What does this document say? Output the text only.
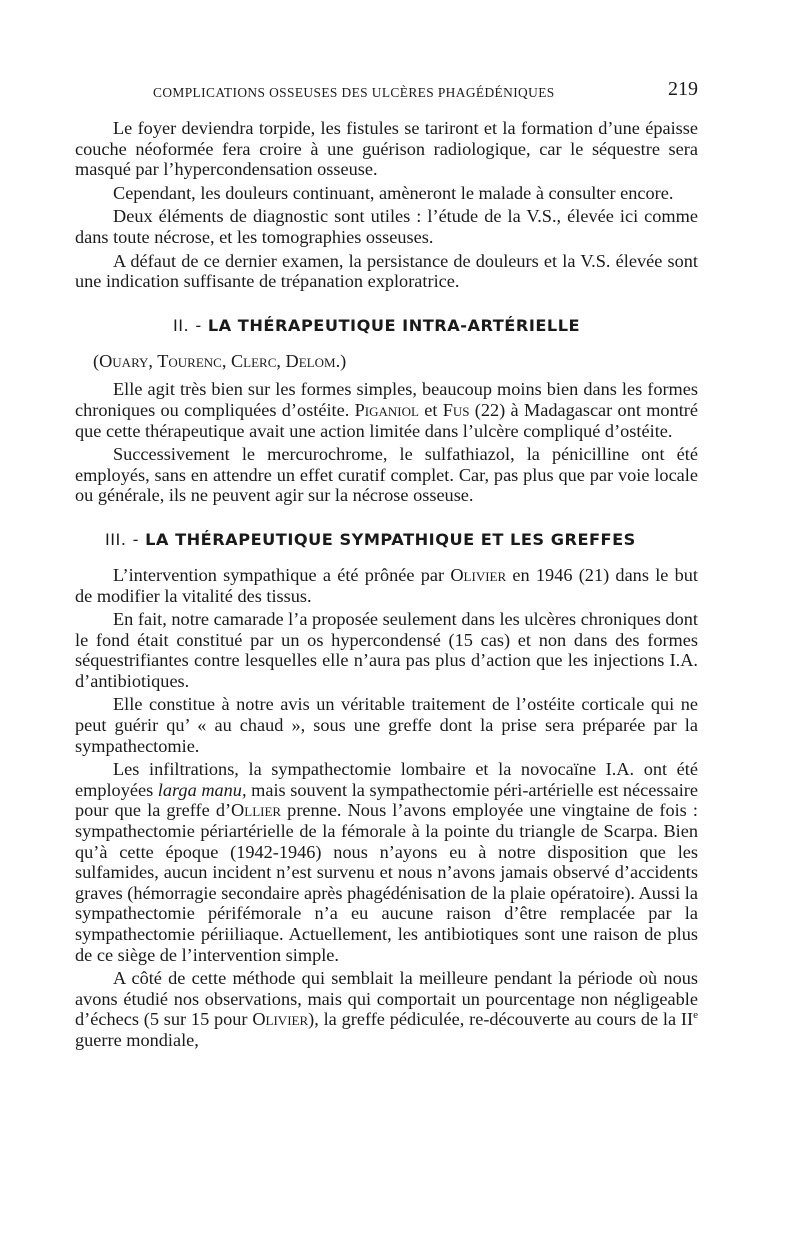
COMPLICATIONS OSSEUSES DES ULCÈRES PHAGÉDÉNIQUES	219

Le foyer deviendra torpide, les fistules se tariront et la formation d’une épaisse couche néoformée fera croire à une guérison radiologique, car le séquestre sera masqué par l’hypercondensation osseuse.

Cependant, les douleurs continuant, amèneront le malade à consulter encore.

Deux éléments de diagnostic sont utiles : l’étude de la V.S., élevée ici comme dans toute nécrose, et les tomographies osseuses.

A défaut de ce dernier examen, la persistance de douleurs et la V.S. élevée sont une indication suffisante de trépanation exploratrice.

II. - LA THÉRAPEUTIQUE INTRA-ARTÉRIELLE

(Ouary, Tourenc, Clerc, Delom.)

Elle agit très bien sur les formes simples, beaucoup moins bien dans les formes chroniques ou compliquées d’ostéite. Piganiol et Fus (22) à Madagascar ont montré que cette thérapeutique avait une action limitée dans l’ulcère compliqué d’ostéite.

Successivement le mercurochrome, le sulfathiazol, la pénicilline ont été employés, sans en attendre un effet curatif complet. Car, pas plus que par voie locale ou générale, ils ne peuvent agir sur la nécrose osseuse.

III. - LA THÉRAPEUTIQUE SYMPATHIQUE ET LES GREFFES

L’intervention sympathique a été prônée par Olivier en 1946 (21) dans le but de modifier la vitalité des tissus.

En fait, notre camarade l’a proposée seulement dans les ulcères chroniques dont le fond était constitué par un os hypercondensé (15 cas) et non dans des formes séquestrifiantes contre lesquelles elle n’aura pas plus d’action que les injections I.A. d’antibiotiques.

Elle constitue à notre avis un véritable traitement de l’ostéite corticale qui ne peut guérir qu’ « au chaud », sous une greffe dont la prise sera préparée par la sympathectomie.

Les infiltrations, la sympathectomie lombaire et la novocaïne I.A. ont été employées larga manu, mais souvent la sympathectomie péri-artérielle est nécessaire pour que la greffe d’Ollier prenne. Nous l’avons employée une vingtaine de fois : sympathectomie périartérielle de la fémorale à la pointe du triangle de Scarpa. Bien qu’à cette époque (1942-1946) nous n’ayons eu à notre disposition que les sulfamides, aucun incident n’est survenu et nous n’avons jamais observé d’accidents graves (hémorragie secondaire après phagédénisation de la plaie opératoire). Aussi la sympathectomie périfémorale n’a eu aucune raison d’être remplacée par la sympathectomie périiliaque. Actuellement, les antibiotiques sont une raison de plus de ce siège de l’intervention simple.

A côté de cette méthode qui semblait la meilleure pendant la période où nous avons étudié nos observations, mais qui comportait un pourcentage non négligeable d’échecs (5 sur 15 pour Olivier), la greffe pédiculée, re-découverte au cours de la IIe guerre mondiale,
